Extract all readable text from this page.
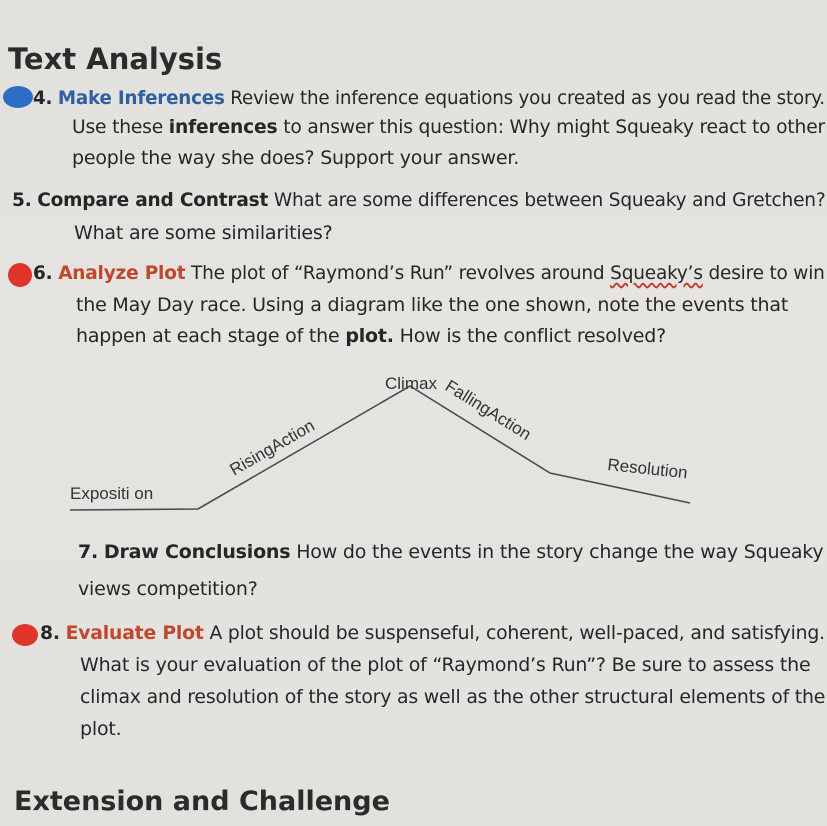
Text Analysis
4. Make Inferences Review the inference equations you created as you read the story.
Use these inferences to answer this question: Why might Squeaky react to other
people the way she does? Support your answer.
5. Compare and Contrast What are some differences between Squeaky and Gretchen?
What are some similarities?
6. Analyze Plot The plot of “Raymond’s Run” revolves around Squeaky’s desire to win
the May Day race. Using a diagram like the one shown, note the events that
happen at each stage of the plot. How is the conflict resolved?
Expositi on
RisingAction
Climax FallingAction
Resolution
7. Draw Conclusions How do the events in the story change the way Squeaky
views competition?
8. Evaluate Plot A plot should be suspenseful, coherent, well-paced, and satisfying.
What is your evaluation of the plot of “Raymond’s Run”? Be sure to assess the
climax and resolution of the story as well as the other structural elements of the
plot.
Extension and Challenge
